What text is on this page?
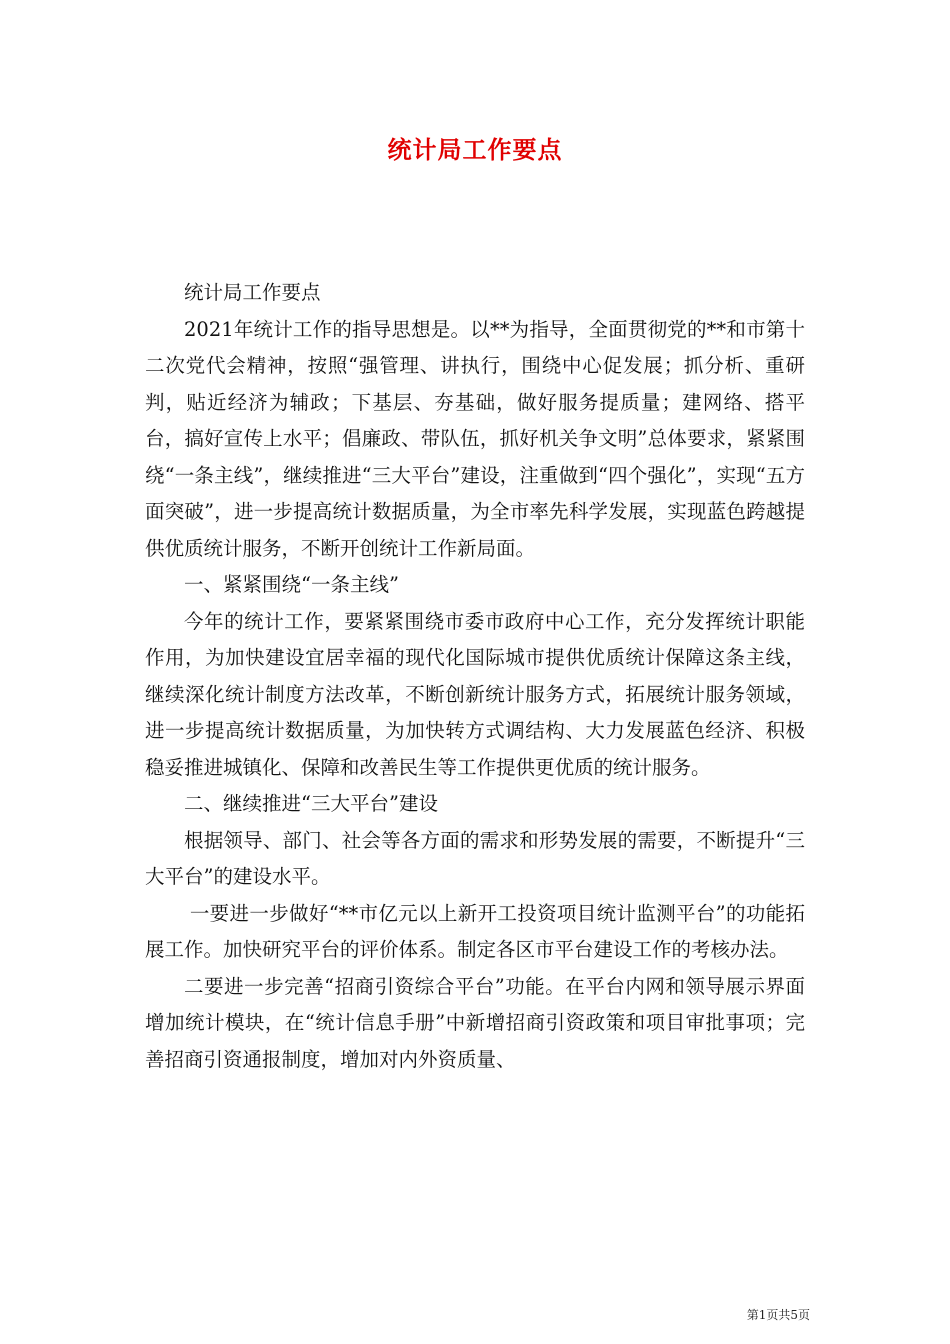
统计局工作要点

统计局工作要点

2021年统计工作的指导思想是。以**为指导，全面贯彻党的**和市第十二次党代会精神，按照“强管理、讲执行，围绕中心促发展；抓分析、重研判，贴近经济为辅政；下基层、夯基础，做好服务提质量；建网络、搭平台，搞好宣传上水平；倡廉政、带队伍，抓好机关争文明”总体要求，紧紧围绕“一条主线”，继续推进“三大平台”建设，注重做到“四个强化”，实现“五方面突破”，进一步提高统计数据质量，为全市率先科学发展，实现蓝色跨越提供优质统计服务，不断开创统计工作新局面。

一、紧紧围绕“一条主线”

今年的统计工作，要紧紧围绕市委市政府中心工作，充分发挥统计职能作用，为加快建设宜居幸福的现代化国际城市提供优质统计保障这条主线，继续深化统计制度方法改革，不断创新统计服务方式，拓展统计服务领域，进一步提高统计数据质量，为加快转方式调结构、大力发展蓝色经济、积极稳妥推进城镇化、保障和改善民生等工作提供更优质的统计服务。

二、继续推进“三大平台”建设

根据领导、部门、社会等各方面的需求和形势发展的需要，不断提升“三大平台”的建设水平。

一要进一步做好“**市亿元以上新开工投资项目统计监测平台”的功能拓展工作。加快研究平台的评价体系。制定各区市平台建设工作的考核办法。

二要进一步完善“招商引资综合平台”功能。在平台内网和领导展示界面增加统计模块，在“统计信息手册”中新增招商引资政策和项目审批事项；完善招商引资通报制度，增加对内外资质量、

第1页共5页
